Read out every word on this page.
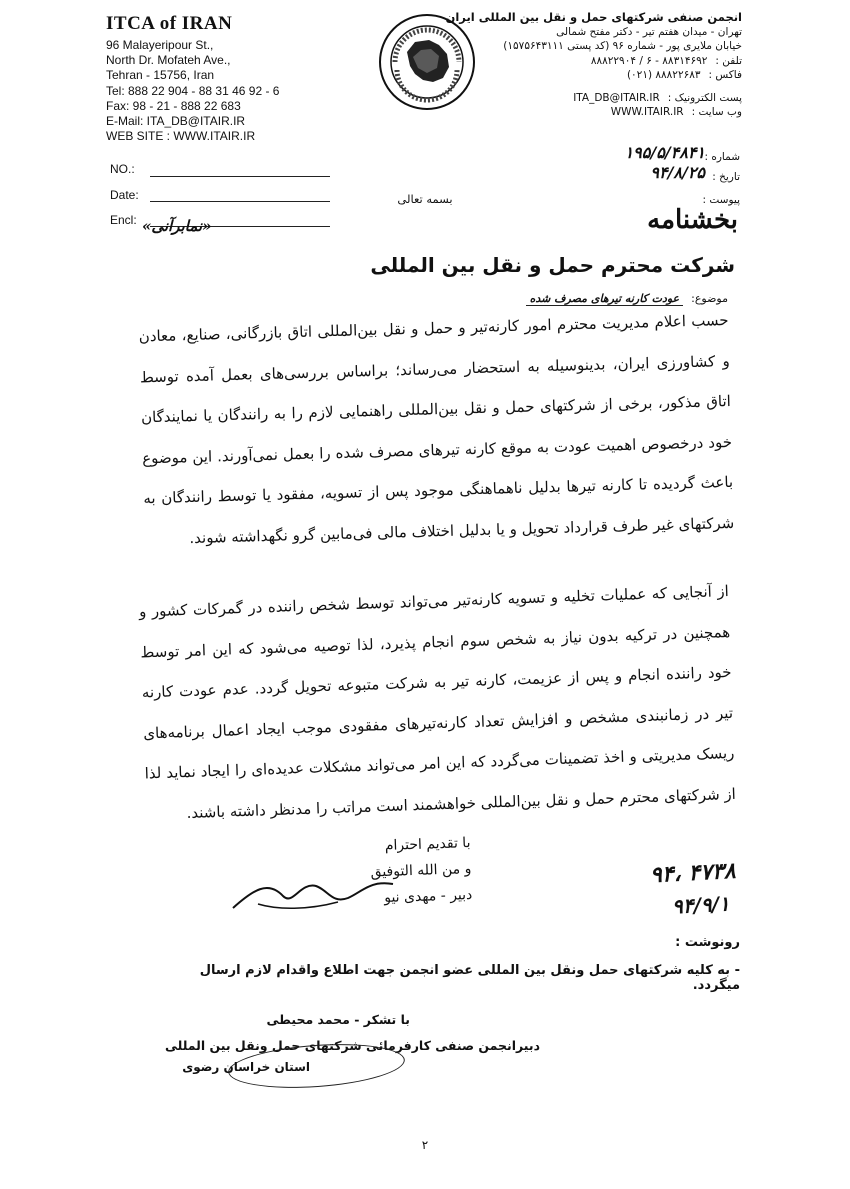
ITCA of IRAN
96 Malayeripour St.,
North Dr. Mofateh Ave.,
Tehran - 15756, Iran
Tel: 888 22 904 - 88 31 46 92 - 6
Fax: 98 - 21 - 888 22 683
E-Mail: ITA_DB@ITAIR.IR
WEB SITE : WWW.ITAIR.IR
انجمن صنفی شرکتهای حمل و نقل بین المللی ایران
تهران - میدان هفتم تیر - دکتر مفتح شمالی
خیابان ملایری پور - شماره ۹۶ (کد پستی ۱۵۷۵۶۴۳۱۱۱)
تلفن :
۸۸۸۲۲۹۰۴ / ۶ - ۸۸۳۱۴۶۹۲
فاکس :
(۰۲۱) ۸۸۸۲۲۶۸۳
پست الکترونیک :
ITA_DB@ITAIR.IR
وب سایت :
WWW.ITAIR.IR
NO.:
Date:
Encl:
شماره :
تاریخ :
پیوست :
۱۹۵/۵/۴۸۴۱
۹۴/۸/۲۵
بسمه تعالی
بخشنامه
«نمابرآنی»
شرکت محترم حمل و نقل بین المللی
موضوع:
عودت کارنه تیرهای مصرف شده
حسب اعلام مدیریت محترم امور کارنه‌تیر و حمل و نقل بین‌المللی اتاق بازرگانی، صنایع، معادن و کشاورزی ایران، بدینوسیله به استحضار می‌رساند؛ براساس بررسی‌های بعمل آمده توسط اتاق مذکور، برخی از شرکتهای حمل و نقل بین‌المللی راهنمایی لازم را به رانندگان یا نمایندگان خود درخصوص اهمیت عودت به موقع کارنه تیرهای مصرف شده را بعمل نمی‌آورند. این موضوع باعث گردیده تا کارنه تیرها بدلیل ناهماهنگی موجود پس از تسویه، مفقود یا توسط رانندگان به شرکتهای غیر طرف قرارداد تحویل و یا بدلیل اختلاف مالی فی‌مابین گرو نگهداشته شوند.
از آنجایی که عملیات تخلیه و تسویه کارنه‌تیر می‌تواند توسط شخص راننده در گمرکات کشور و همچنین در ترکیه بدون نیاز به شخص سوم انجام پذیرد، لذا توصیه می‌شود که این امر توسط خود راننده انجام و پس از عزیمت، کارنه تیر به شرکت متبوعه تحویل گردد. عدم عودت کارنه تیر در زمانبندی مشخص و افزایش تعداد کارنه‌تیرهای مفقودی موجب ایجاد اعمال برنامه‌های ریسک مدیریتی و اخذ تضمینات می‌گردد که این امر می‌تواند مشکلات عدیده‌ای را ایجاد نماید لذا از شرکتهای محترم حمل و نقل بین‌المللی خواهشمند است مراتب را مدنظر داشته باشند.
با تقدیم احترام
و من الله التوفیق
دبیر - مهدی نیو
۹۴، ۴۷۳۸
۹۴/۹/۱
رونوشت :
- به کلیه شرکتهای حمل ونقل بین المللی عضو انجمن جهت اطلاع واقدام لازم ارسال میگردد.
با تشکر - محمد محیطی
دبیرانجمن صنفی کارفرمائی شرکتهای حمل ونقل بین المللی
استان خراسان رضوی
۲
